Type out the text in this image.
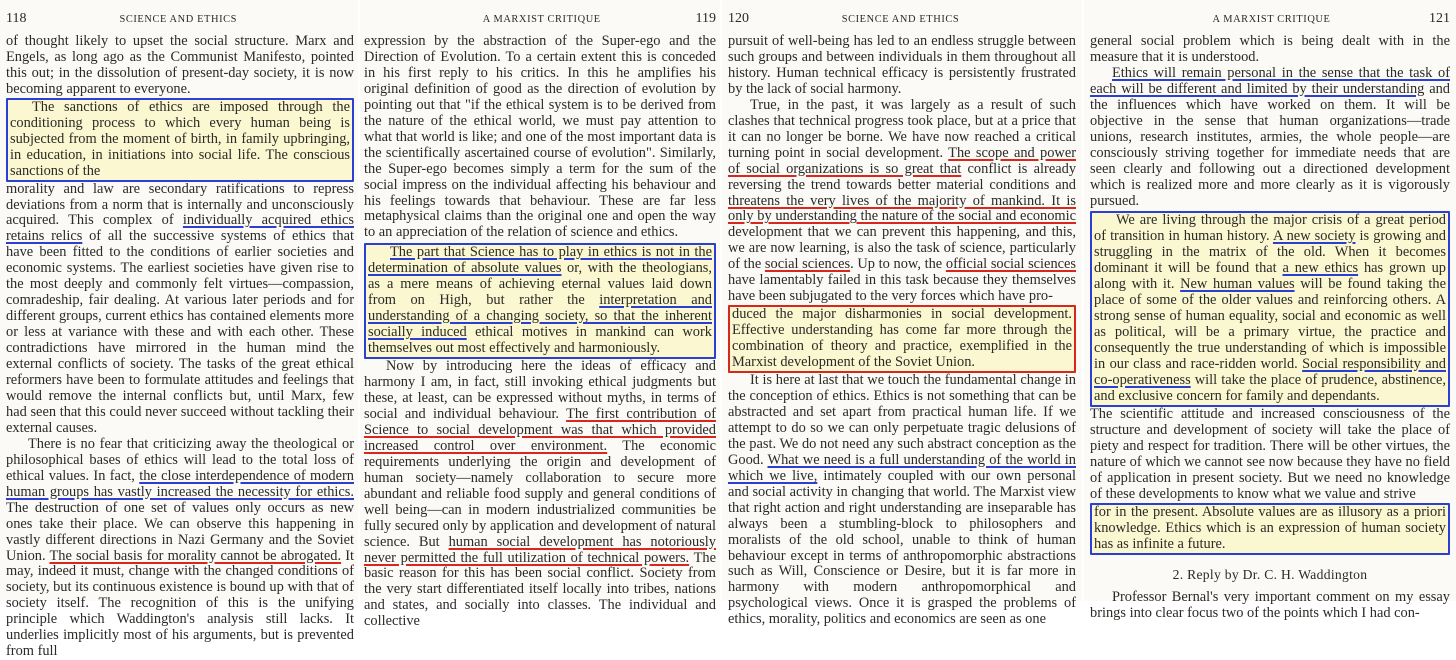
118	SCIENCE AND ETHICS

of thought likely to upset the social structure. Marx and Engels, as long ago as the Communist Manifesto, pointed this out; in the dissolution of present-day society, it is now becoming apparent to everyone.

The sanctions of ethics are imposed through the conditioning process to which every human being is subjected from the moment of birth, in family upbringing, in education, in initiations into social life. The conscious sanctions of the

morality and law are secondary ratifications to repress deviations from a norm that is internally and unconsciously acquired. This complex of individually acquired ethics retains relics of all the successive systems of ethics that have been fitted to the conditions of earlier societies and economic systems. The earliest societies have given rise to the most deeply and commonly felt virtues—compassion, comradeship, fair dealing. At various later periods and for different groups, current ethics has contained elements more or less at variance with these and with each other. These contradictions have mirrored in the human mind the external conflicts of society. The tasks of the great ethical reformers have been to formulate attitudes and feelings that would remove the internal conflicts but, until Marx, few had seen that this could never succeed without tackling their external causes.

There is no fear that criticizing away the theological or philosophical bases of ethics will lead to the total loss of ethical values. In fact, the close interdependence of modern human groups has vastly increased the necessity for ethics. The destruction of one set of values only occurs as new ones take their place. We can observe this happening in vastly different directions in Nazi Germany and the Soviet Union. The social basis for morality cannot be abrogated. It may, indeed it must, change with the changed conditions of society, but its continuous existence is bound up with that of society itself. The recognition of this is the unifying principle which Waddington's analysis still lacks. It underlies implicitly most of his arguments, but is prevented from full

A MARXIST CRITIQUE	119

expression by the abstraction of the Super-ego and the Direction of Evolution. To a certain extent this is conceded in his first reply to his critics. In this he amplifies his original definition of good as the direction of evolution by pointing out that "if the ethical system is to be derived from the nature of the ethical world, we must pay attention to what that world is like; and one of the most important data is the scientifically ascertained course of evolution". Similarly, the Super-ego becomes simply a term for the sum of the social impress on the individual affecting his behaviour and his feelings towards that behaviour. These are far less metaphysical claims than the original one and open the way to an appreciation of the relation of science and ethics.

The part that Science has to play in ethics is not in the determination of absolute values or, with the theologians, as a mere means of achieving eternal values laid down from on High, but rather the interpretation and understanding of a changing society, so that the inherent socially induced ethical motives in mankind can work themselves out most effectively and harmoniously.

Now by introducing here the ideas of efficacy and harmony I am, in fact, still invoking ethical judgments but these, at least, can be expressed without myths, in terms of social and individual behaviour. The first contribution of Science to social development was that which provided increased control over environment. The economic requirements underlying the origin and development of human society—namely collaboration to secure more abundant and reliable food supply and general conditions of well being—can in modern industrialized communities be fully secured only by application and development of natural science. But human social development has notoriously never permitted the full utilization of technical powers. The basic reason for this has been social conflict. Society from the very start differentiated itself locally into tribes, nations and states, and socially into classes. The individual and collective

120	SCIENCE AND ETHICS

pursuit of well-being has led to an endless struggle between such groups and between individuals in them throughout all history. Human technical efficacy is persistently frustrated by the lack of social harmony.

True, in the past, it was largely as a result of such clashes that technical progress took place, but at a price that it can no longer be borne. We have now reached a critical turning point in social development. The scope and power of social organizations is so great that conflict is already reversing the trend towards better material conditions and threatens the very lives of the majority of mankind. It is only by understanding the nature of the social and economic development that we can prevent this happening, and this, we are now learning, is also the task of science, particularly of the social sciences. Up to now, the official social sciences have lamentably failed in this task because they themselves have been subjugated to the very forces which have pro-

duced the major disharmonies in social development. Effective understanding has come far more through the combination of theory and practice, exemplified in the Marxist development of the Soviet Union.

It is here at last that we touch the fundamental change in the conception of ethics. Ethics is not something that can be abstracted and set apart from practical human life. If we attempt to do so we can only perpetuate tragic delusions of the past. We do not need any such abstract conception as the Good. What we need is a full understanding of the world in which we live, intimately coupled with our own personal and social activity in changing that world. The Marxist view that right action and right understanding are inseparable has always been a stumbling-block to philosophers and moralists of the old school, unable to think of human behaviour except in terms of anthropomorphic abstractions such as Will, Conscience or Desire, but it is far more in harmony with modern anthropomorphical and psychological views. Once it is grasped the problems of ethics, morality, politics and economics are seen as one

A MARXIST CRITIQUE	121

general social problem which is being dealt with in the measure that it is understood.

Ethics will remain personal in the sense that the task of each will be different and limited by their understanding and the influences which have worked on them. It will be objective in the sense that human organizations—trade unions, research institutes, armies, the whole people—are consciously striving together for immediate needs that are seen clearly and following out a directioned development which is realized more and more clearly as it is vigorously pursued.

We are living through the major crisis of a great period of transition in human history. A new society is growing and struggling in the matrix of the old. When it becomes dominant it will be found that a new ethics has grown up along with it. New human values will be found taking the place of some of the older values and reinforcing others. A strong sense of human equality, social and economic as well as political, will be a primary virtue, the practice and consequently the true understanding of which is impossible in our class and race-ridden world. Social responsibility and co-operativeness will take the place of prudence, abstinence, and exclusive concern for family and dependants.

The scientific attitude and increased consciousness of the structure and development of society will take the place of piety and respect for tradition. There will be other virtues, the nature of which we cannot see now because they have no field of application in present society. But we need no knowledge of these developments to know what we value and strive

for in the present. Absolute values are as illusory as a priori knowledge. Ethics which is an expression of human society has as infinite a future.

2. Reply by Dr. C. H. Waddington

Professor Bernal's very important comment on my essay brings into clear focus two of the points which I had con-
